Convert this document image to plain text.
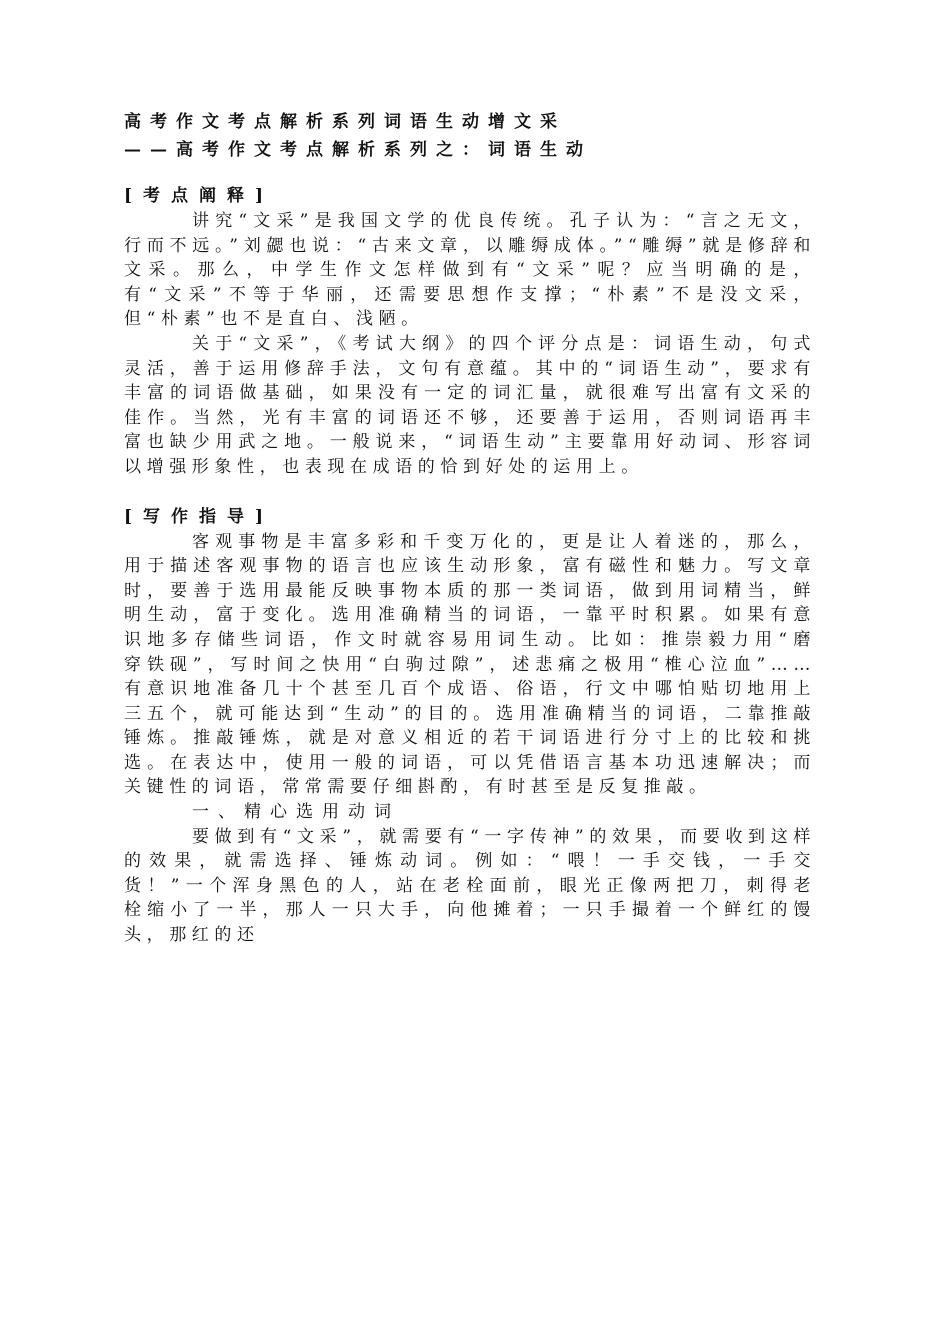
高考作文考点解析系列词语生动增文采
——高考作文考点解析系列之：词语生动
[考点阐释]
讲究“文采”是我国文学的优良传统。孔子认为：“言之无文，行而不远。”刘勰也说：“古来文章，以雕缛成体。”“雕缛”就是修辞和文采。那么，中学生作文怎样做到有“文采”呢？应当明确的是，有“文采”不等于华丽，还需要思想作支撑；“朴素”不是没文采，但“朴素”也不是直白、浅陋。
关于“文采”，《考试大纲》的四个评分点是：词语生动，句式灵活，善于运用修辞手法，文句有意蕴。其中的“词语生动”，要求有丰富的词语做基础，如果没有一定的词汇量，就很难写出富有文采的佳作。当然，光有丰富的词语还不够，还要善于运用，否则词语再丰富也缺少用武之地。一般说来，“词语生动”主要靠用好动词、形容词以增强形象性，也表现在成语的恰到好处的运用上。
[写作指导]
客观事物是丰富多彩和千变万化的，更是让人着迷的，那么，用于描述客观事物的语言也应该生动形象，富有磁性和魅力。写文章时，要善于选用最能反映事物本质的那一类词语，做到用词精当，鲜明生动，富于变化。选用准确精当的词语，一靠平时积累。如果有意识地多存储些词语，作文时就容易用词生动。比如：推崇毅力用“磨穿铁砚”，写时间之快用“白驹过隙”，述悲痛之极用“椎心泣血”……有意识地准备几十个甚至几百个成语、俗语，行文中哪怕贴切地用上三五个，就可能达到“生动”的目的。选用准确精当的词语，二靠推敲锤炼。推敲锤炼，就是对意义相近的若干词语进行分寸上的比较和挑选。在表达中，使用一般的词语，可以凭借语言基本功迅速解决；而关键性的词语，常常需要仔细斟酌，有时甚至是反复推敲。
一、精心选用动词
要做到有“文采”，就需要有“一字传神”的效果，而要收到这样的效果，就需选择、锤炼动词。例如：“喂！一手交钱，一手交货！”一个浑身黑色的人，站在老栓面前，眼光正像两把刀，刺得老栓缩小了一半，那人一只大手，向他摊着；一只手撮着一个鲜红的馒头，那红的还
